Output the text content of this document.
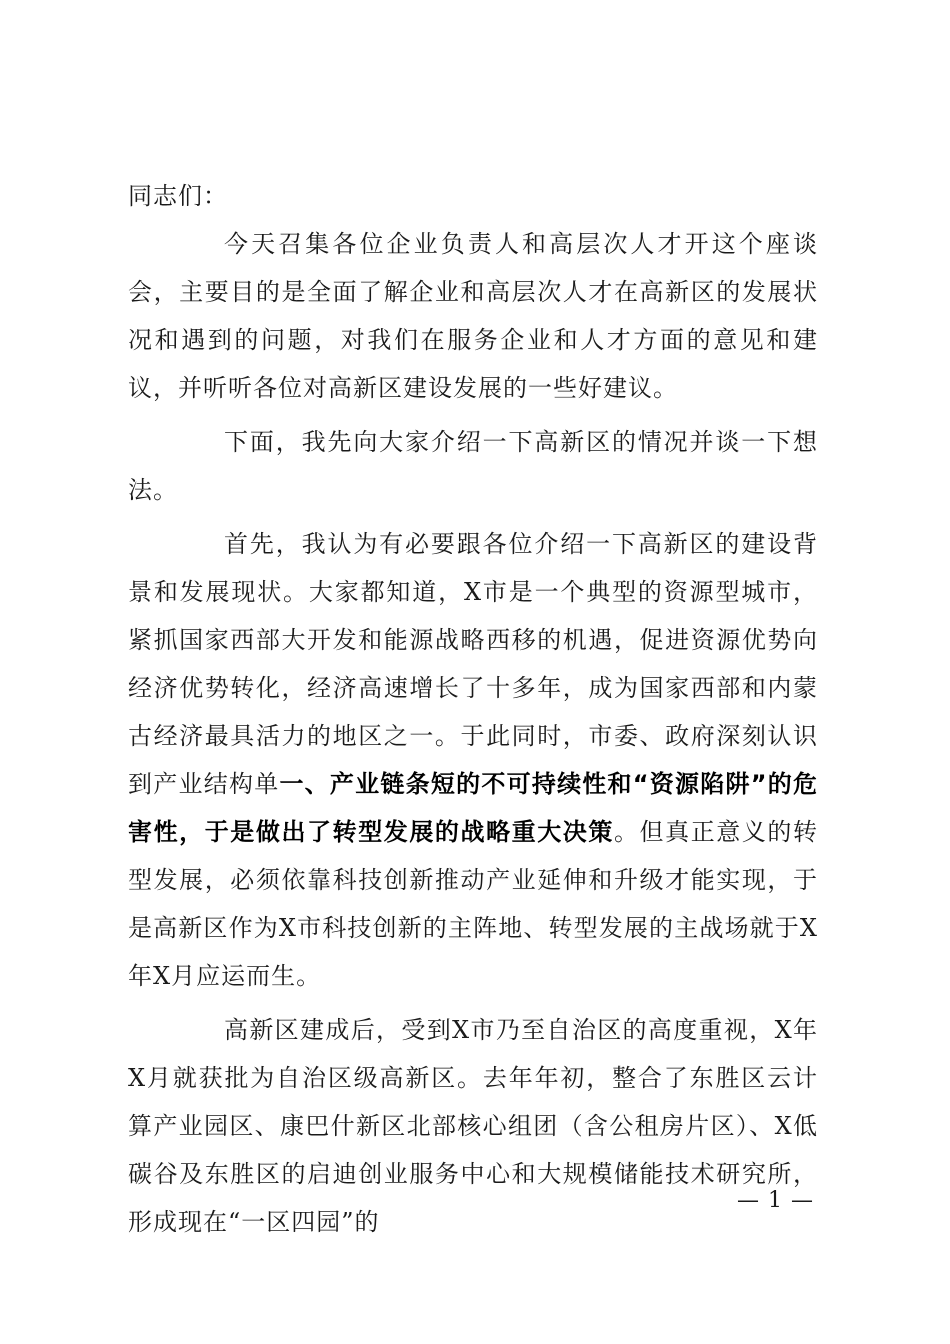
同志们：

今天召集各位企业负责人和高层次人才开这个座谈会，主要目的是全面了解企业和高层次人才在高新区的发展状况和遇到的问题，对我们在服务企业和人才方面的意见和建议，并听听各位对高新区建设发展的一些好建议。

下面，我先向大家介绍一下高新区的情况并谈一下想法。

首先，我认为有必要跟各位介绍一下高新区的建设背景和发展现状。大家都知道，X市是一个典型的资源型城市，紧抓国家西部大开发和能源战略西移的机遇，促进资源优势向经济优势转化，经济高速增长了十多年，成为国家西部和内蒙古经济最具活力的地区之一。于此同时，市委、政府深刻认识到产业结构单一、产业链条短的不可持续性和“资源陷阱”的危害性，于是做出了转型发展的战略重大决策。但真正意义的转型发展，必须依靠科技创新推动产业延伸和升级才能实现，于是高新区作为X市科技创新的主阵地、转型发展的主战场就于X年X月应运而生。

高新区建成后，受到X市乃至自治区的高度重视，X年X月就获批为自治区级高新区。去年年初，整合了东胜区云计算产业园区、康巴什新区北部核心组团（含公租房片区）、X低碳谷及东胜区的启迪创业服务中心和大规模储能技术研究所，形成现在“一区四园”的

— 1 —
